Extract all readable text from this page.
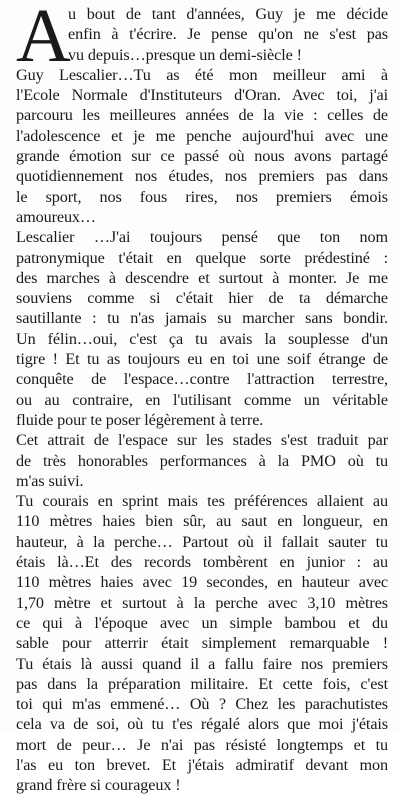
A
u bout de tant d'années, Guy je me décide
enfin à t'écrire. Je pense qu'on ne s'est pas
vu depuis…presque un demi-siècle !
Guy Lescalier…Tu as été mon meilleur ami à
l'Ecole Normale d'Instituteurs d'Oran. Avec toi, j'ai
parcouru les meilleures années de la vie : celles de
l'adolescence et je me penche aujourd'hui avec une
grande émotion sur ce passé où nous avons partagé
quotidiennement nos études, nos premiers pas dans
le sport, nos fous rires, nos premiers émois
amoureux…
Lescalier …J'ai toujours pensé que ton nom
patronymique t'était en quelque sorte prédestiné :
des marches à descendre et surtout à monter. Je me
souviens comme si c'était hier de ta démarche
sautillante : tu n'as jamais su marcher sans bondir.
Un félin…oui, c'est ça tu avais la souplesse d'un
tigre ! Et tu as toujours eu en toi une soif étrange de
conquête de l'espace…contre l'attraction terrestre,
ou au contraire, en l'utilisant comme un véritable
fluide pour te poser légèrement à terre.
Cet attrait de l'espace sur les stades s'est traduit par
de très honorables performances à la PMO où tu
m'as suivi.
Tu courais en sprint mais tes préférences allaient au
110 mètres haies bien sûr, au saut en longueur, en
hauteur, à la perche… Partout où il fallait sauter tu
étais là…Et des records tombèrent en junior : au
110 mètres haies avec 19 secondes, en hauteur avec
1,70 mètre et surtout à la perche avec 3,10 mètres
ce qui à l'époque avec un simple bambou et du
sable pour atterrir était simplement remarquable !
Tu étais là aussi quand il a fallu faire nos premiers
pas dans la préparation militaire. Et cette fois, c'est
toi qui m'as emmené… Où ? Chez les parachutistes
cela va de soi, où tu t'es régalé alors que moi j'étais
mort de peur… Je n'ai pas résisté longtemps et tu
l'as eu ton brevet. Et j'étais admiratif devant mon
grand frère si courageux !
